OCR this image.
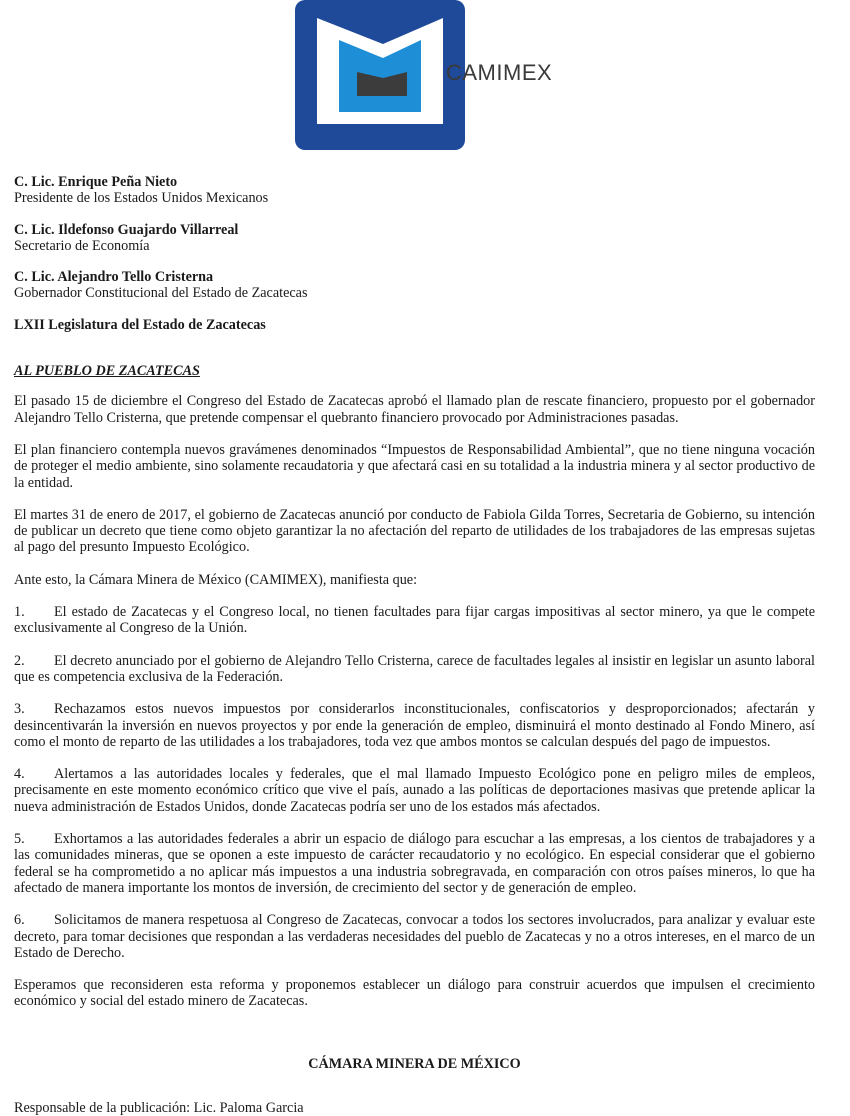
CAMIMEX
C. Lic. Enrique Peña Nieto
Presidente de los Estados Unidos Mexicanos
C. Lic. Ildefonso Guajardo Villarreal
Secretario de Economía
C. Lic. Alejandro Tello Cristerna
Gobernador Constitucional del Estado de Zacatecas
LXII Legislatura del Estado de Zacatecas
AL PUEBLO DE ZACATECAS

El pasado 15 de diciembre el Congreso del Estado de Zacatecas aprobó el llamado plan de rescate financiero, propuesto por el gobernador Alejandro Tello Cristerna, que pretende compensar el quebranto financiero provocado por Administraciones pasadas.

El plan financiero contempla nuevos gravámenes denominados “Impuestos de Responsabilidad Ambiental”, que no tiene ninguna vocación de proteger el medio ambiente, sino solamente recaudatoria y que afectará casi en su totalidad a la industria minera y al sector productivo de la entidad.

El martes 31 de enero de 2017, el gobierno de Zacatecas anunció por conducto de Fabiola Gilda Torres, Secretaria de Gobierno, su intención de publicar un decreto que tiene como objeto garantizar la no afectación del reparto de utilidades de los trabajadores de las empresas sujetas al pago del presunto Impuesto Ecológico.

Ante esto, la Cámara Minera de México (CAMIMEX), manifiesta que:

1. El estado de Zacatecas y el Congreso local, no tienen facultades para fijar cargas impositivas al sector minero, ya que le compete exclusivamente al Congreso de la Unión.

2. El decreto anunciado por el gobierno de Alejandro Tello Cristerna, carece de facultades legales al insistir en legislar un asunto laboral que es competencia exclusiva de la Federación.

3. Rechazamos estos nuevos impuestos por considerarlos inconstitucionales, confiscatorios y desproporcionados; afectarán y desincentivarán la inversión en nuevos proyectos y por ende la generación de empleo, disminuirá el monto destinado al Fondo Minero, así como el monto de reparto de las utilidades a los trabajadores, toda vez que ambos montos se calculan después del pago de impuestos.

4. Alertamos a las autoridades locales y federales, que el mal llamado Impuesto Ecológico pone en peligro miles de empleos, precisamente en este momento económico crítico que vive el país, aunado a las políticas de deportaciones masivas que pretende aplicar la nueva administración de Estados Unidos, donde Zacatecas podría ser uno de los estados más afectados.

5. Exhortamos a las autoridades federales a abrir un espacio de diálogo para escuchar a las empresas, a los cientos de trabajadores y a las comunidades mineras, que se oponen a este impuesto de carácter recaudatorio y no ecológico. En especial considerar que el gobierno federal se ha comprometido a no aplicar más impuestos a una industria sobregravada, en comparación con otros países mineros, lo que ha afectado de manera importante los montos de inversión, de crecimiento del sector y de generación de empleo.

6. Solicitamos de manera respetuosa al Congreso de Zacatecas, convocar a todos los sectores involucrados, para analizar y evaluar este decreto, para tomar decisiones que respondan a las verdaderas necesidades del pueblo de Zacatecas y no a otros intereses, en el marco de un Estado de Derecho.

Esperamos que reconsideren esta reforma y proponemos establecer un diálogo para construir acuerdos que impulsen el crecimiento económico y social del estado minero de Zacatecas.

CÁMARA MINERA DE MÉXICO

Responsable de la publicación: Lic. Paloma Garcia
